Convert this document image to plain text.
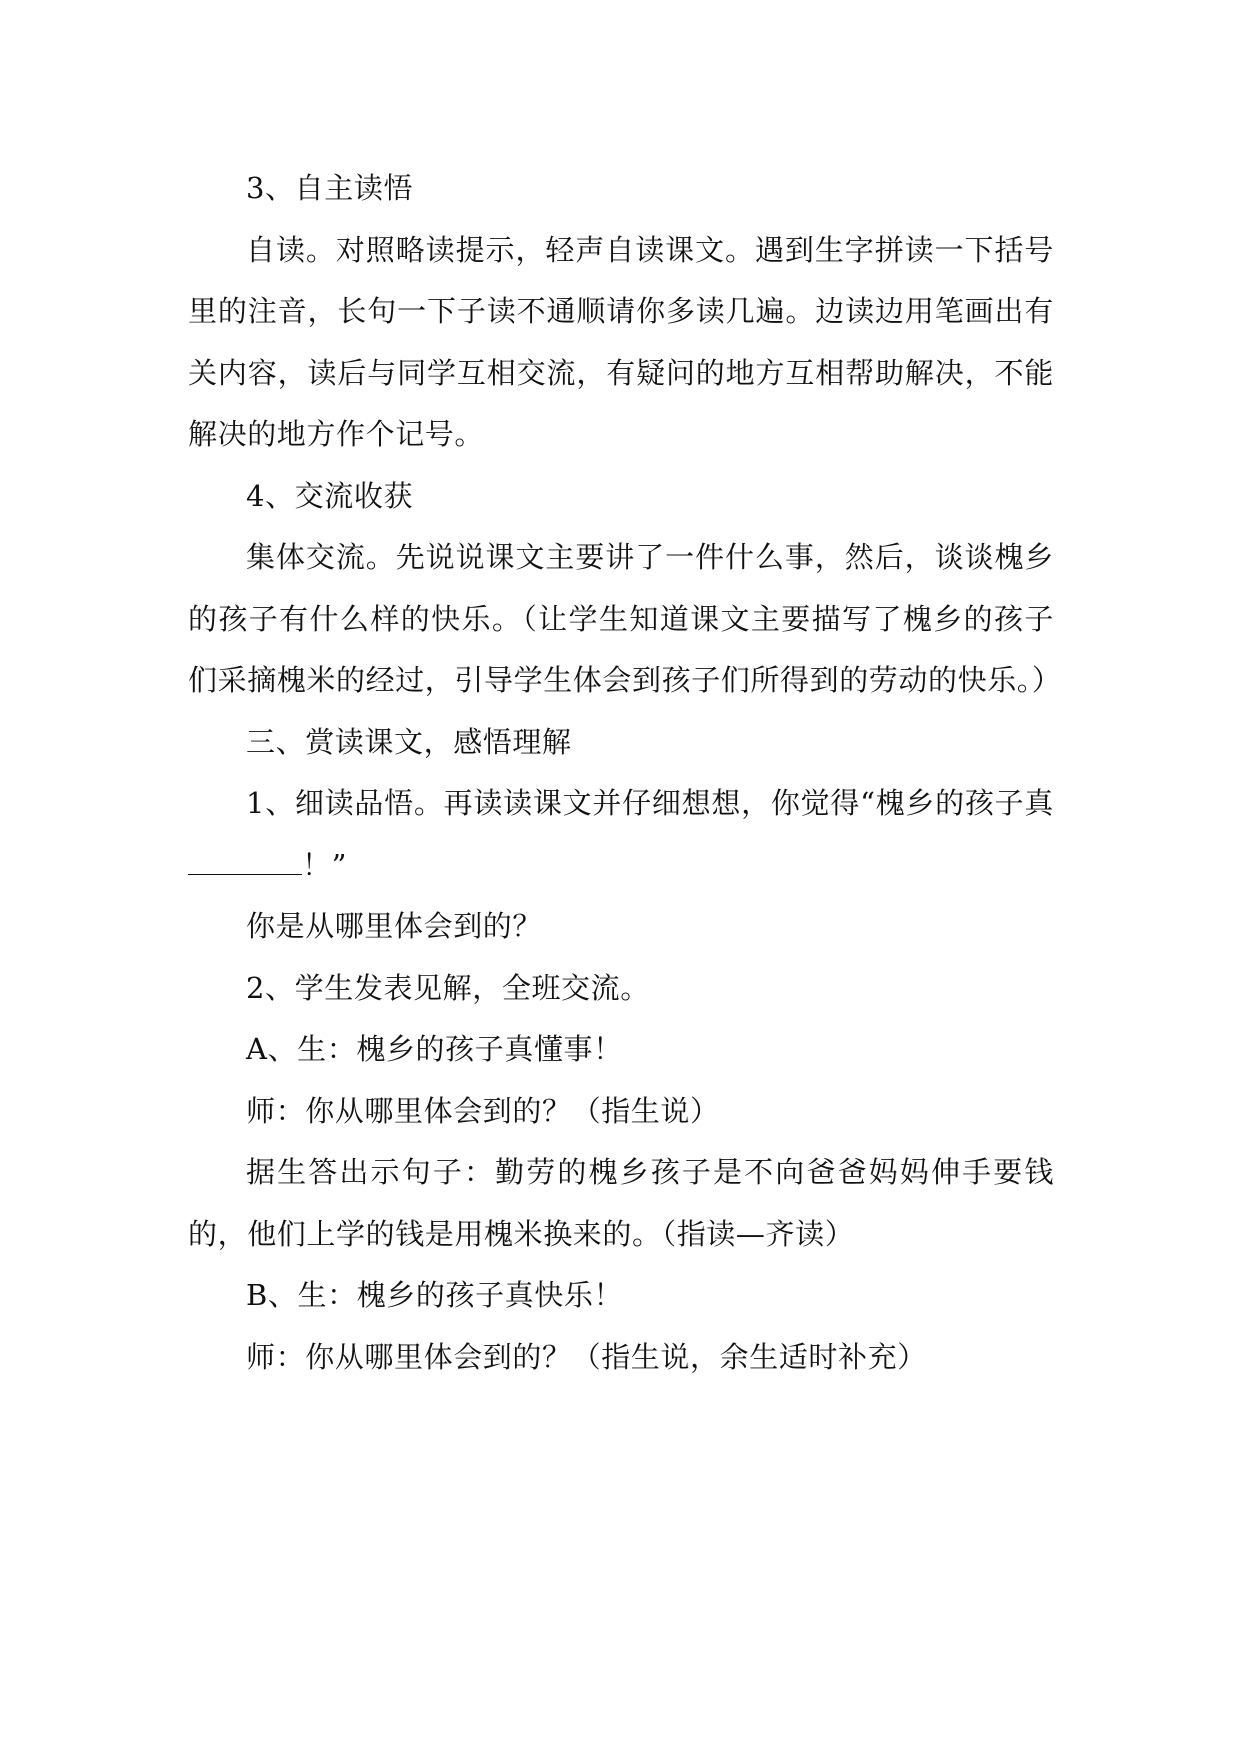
3、自主读悟

自读。对照略读提示，轻声自读课文。遇到生字拼读一下括号里的注音，长句一下子读不通顺请你多读几遍。边读边用笔画出有关内容，读后与同学互相交流，有疑问的地方互相帮助解决，不能解决的地方作个记号。

4、交流收获

集体交流。先说说课文主要讲了一件什么事，然后，谈谈槐乡的孩子有什么样的快乐。（让学生知道课文主要描写了槐乡的孩子们采摘槐米的经过，引导学生体会到孩子们所得到的劳动的快乐。）

三、赏读课文，感悟理解

1、细读品悟。再读读课文并仔细想想，你觉得“槐乡的孩子真！”

你是从哪里体会到的？

2、学生发表见解，全班交流。

A、生：槐乡的孩子真懂事！

师：你从哪里体会到的？（指生说）

据生答出示句子：勤劳的槐乡孩子是不向爸爸妈妈伸手要钱的，他们上学的钱是用槐米换来的。（指读—齐读）

B、生：槐乡的孩子真快乐！

师：你从哪里体会到的？（指生说，余生适时补充）
